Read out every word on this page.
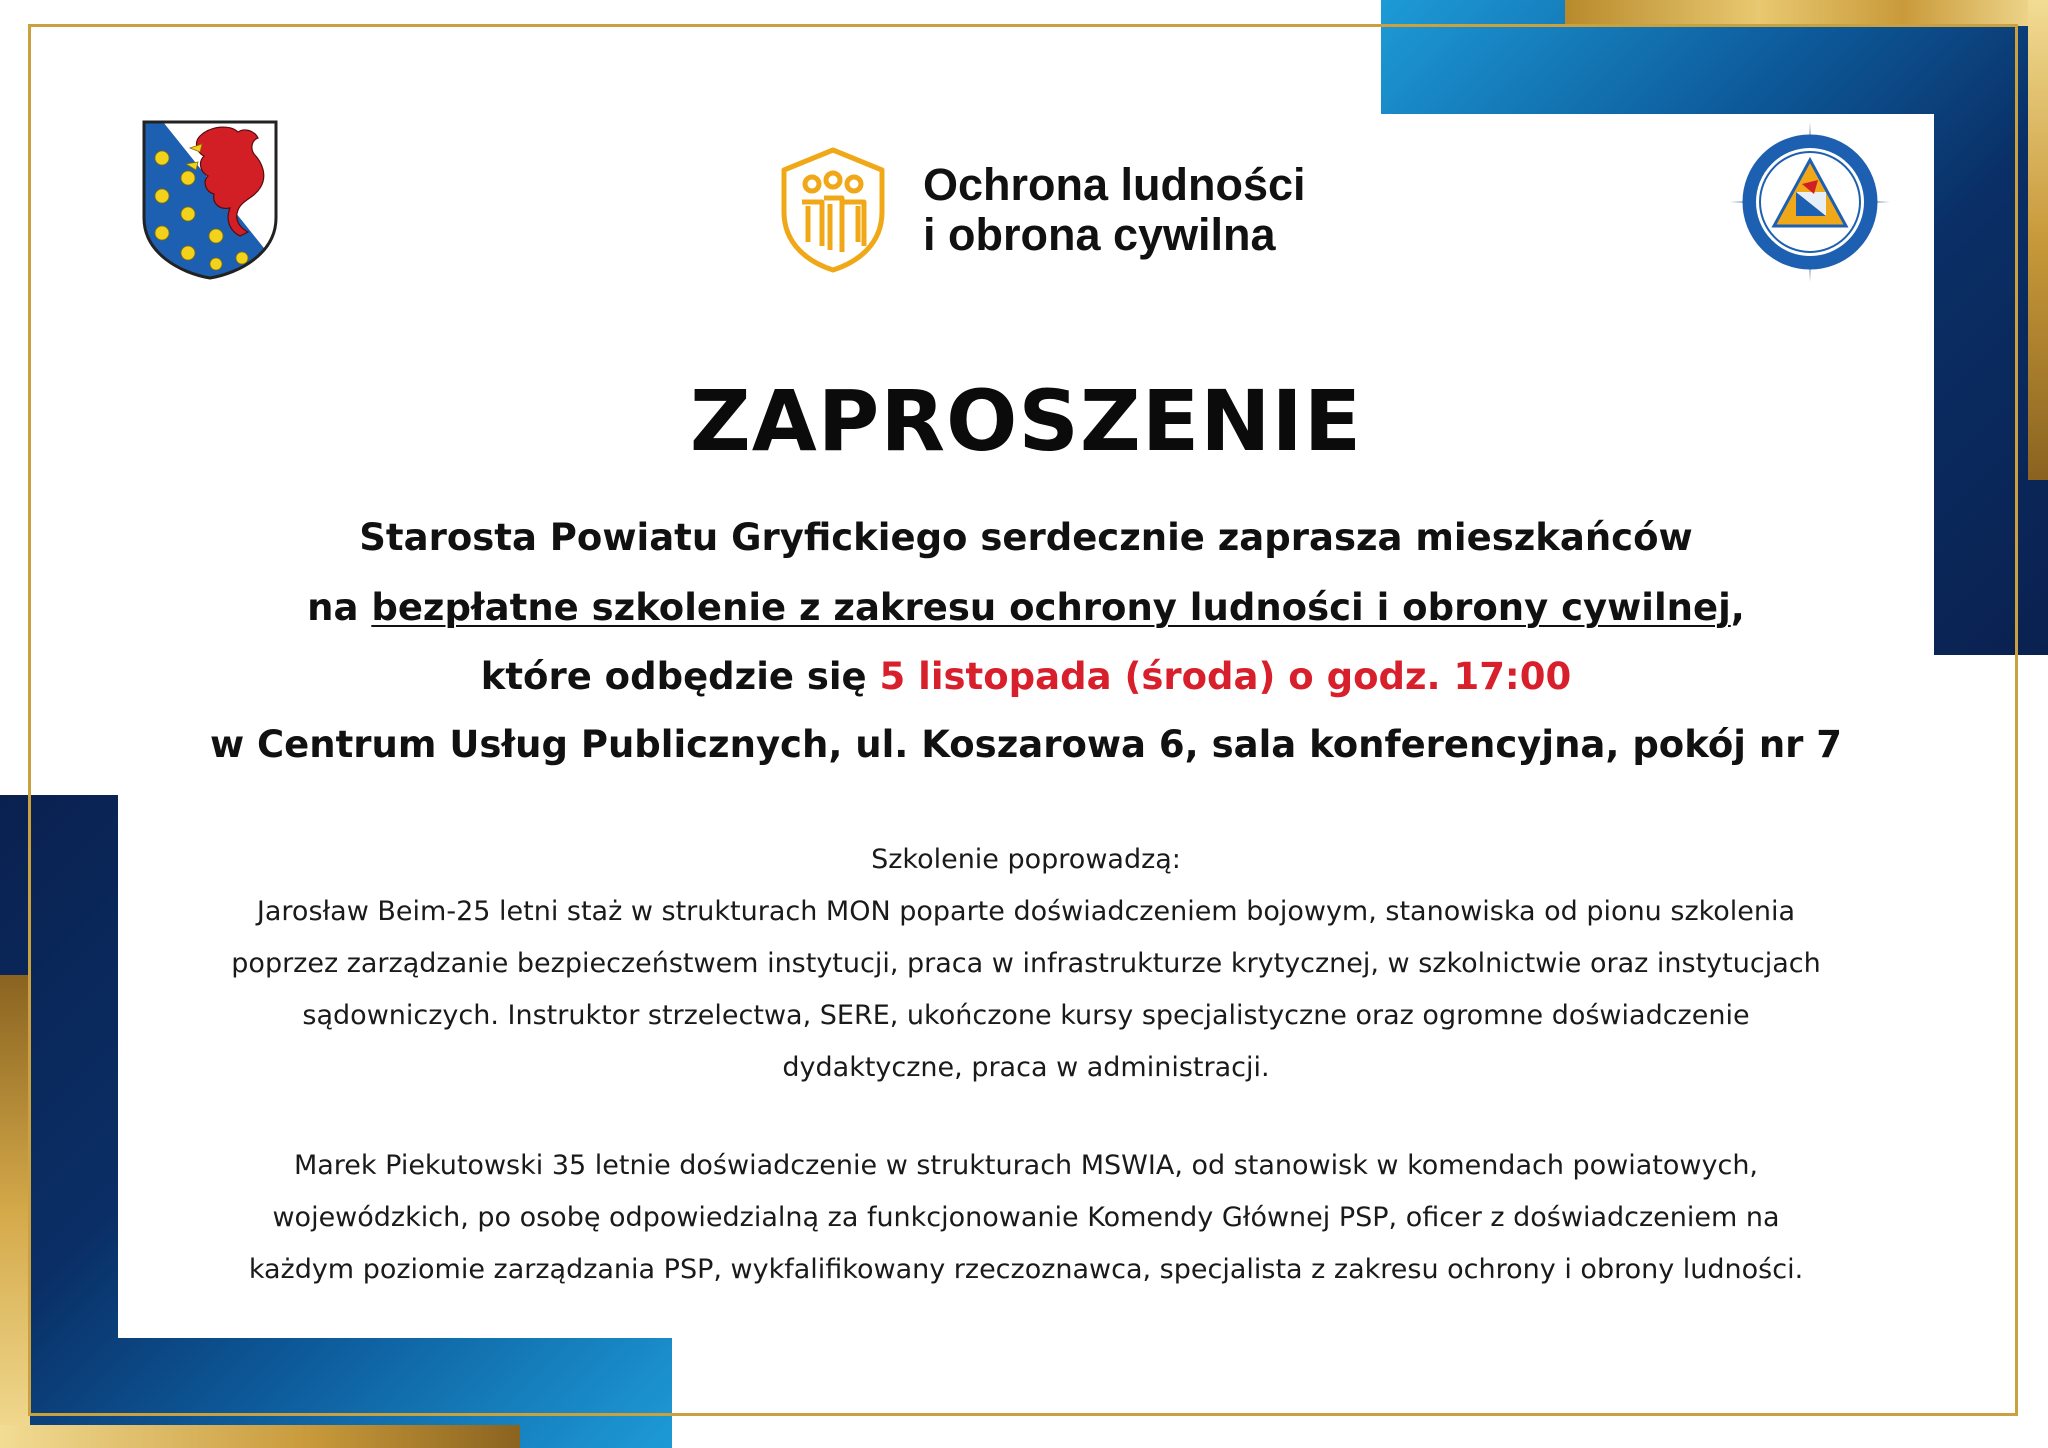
Ochrona ludności
i obrona cywilna
ZAPROSZENIE
Starosta Powiatu Gryfickiego serdecznie zaprasza mieszkańców
na bezpłatne szkolenie z zakresu ochrony ludności i obrony cywilnej,
które odbędzie się 5 listopada (środa) o godz. 17:00
w Centrum Usług Publicznych, ul. Koszarowa 6, sala konferencyjna, pokój nr 7
Szkolenie poprowadzą:
Jarosław Beim-25 letni staż w strukturach MON poparte doświadczeniem bojowym, stanowiska od pionu szkolenia
poprzez zarządzanie bezpieczeństwem instytucji, praca w infrastrukturze krytycznej, w szkolnictwie oraz instytucjach
sądowniczych. Instruktor strzelectwa, SERE, ukończone kursy specjalistyczne oraz ogromne doświadczenie
dydaktyczne, praca w administracji.
Marek Piekutowski 35 letnie doświadczenie w strukturach MSWIA, od stanowisk w komendach powiatowych,
wojewódzkich, po osobę odpowiedzialną za funkcjonowanie Komendy Głównej PSP, oficer z doświadczeniem na
każdym poziomie zarządzania PSP, wykfalifikowany rzeczoznawca, specjalista z zakresu ochrony i obrony ludności.
